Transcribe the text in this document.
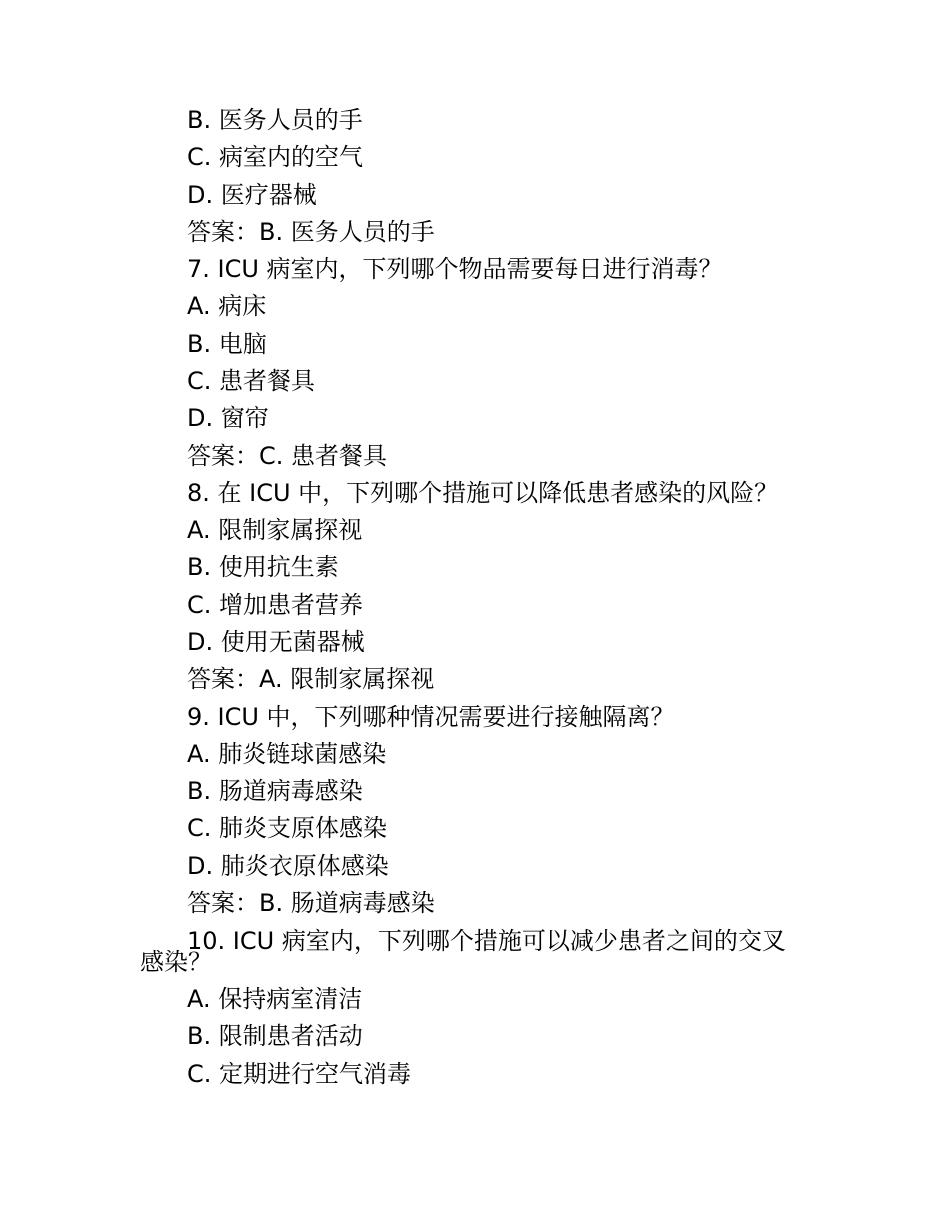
B. 医务人员的手
C. 病室内的空气
D. 医疗器械
答案：B. 医务人员的手
7. ICU 病室内，下列哪个物品需要每日进行消毒？
A. 病床
B. 电脑
C. 患者餐具
D. 窗帘
答案：C. 患者餐具
8. 在 ICU 中，下列哪个措施可以降低患者感染的风险？
A. 限制家属探视
B. 使用抗生素
C. 增加患者营养
D. 使用无菌器械
答案：A. 限制家属探视
9. ICU 中，下列哪种情况需要进行接触隔离？
A. 肺炎链球菌感染
B. 肠道病毒感染
C. 肺炎支原体感染
D. 肺炎衣原体感染
答案：B. 肠道病毒感染
10. ICU 病室内，下列哪个措施可以减少患者之间的交叉
感染？
A. 保持病室清洁
B. 限制患者活动
C. 定期进行空气消毒
